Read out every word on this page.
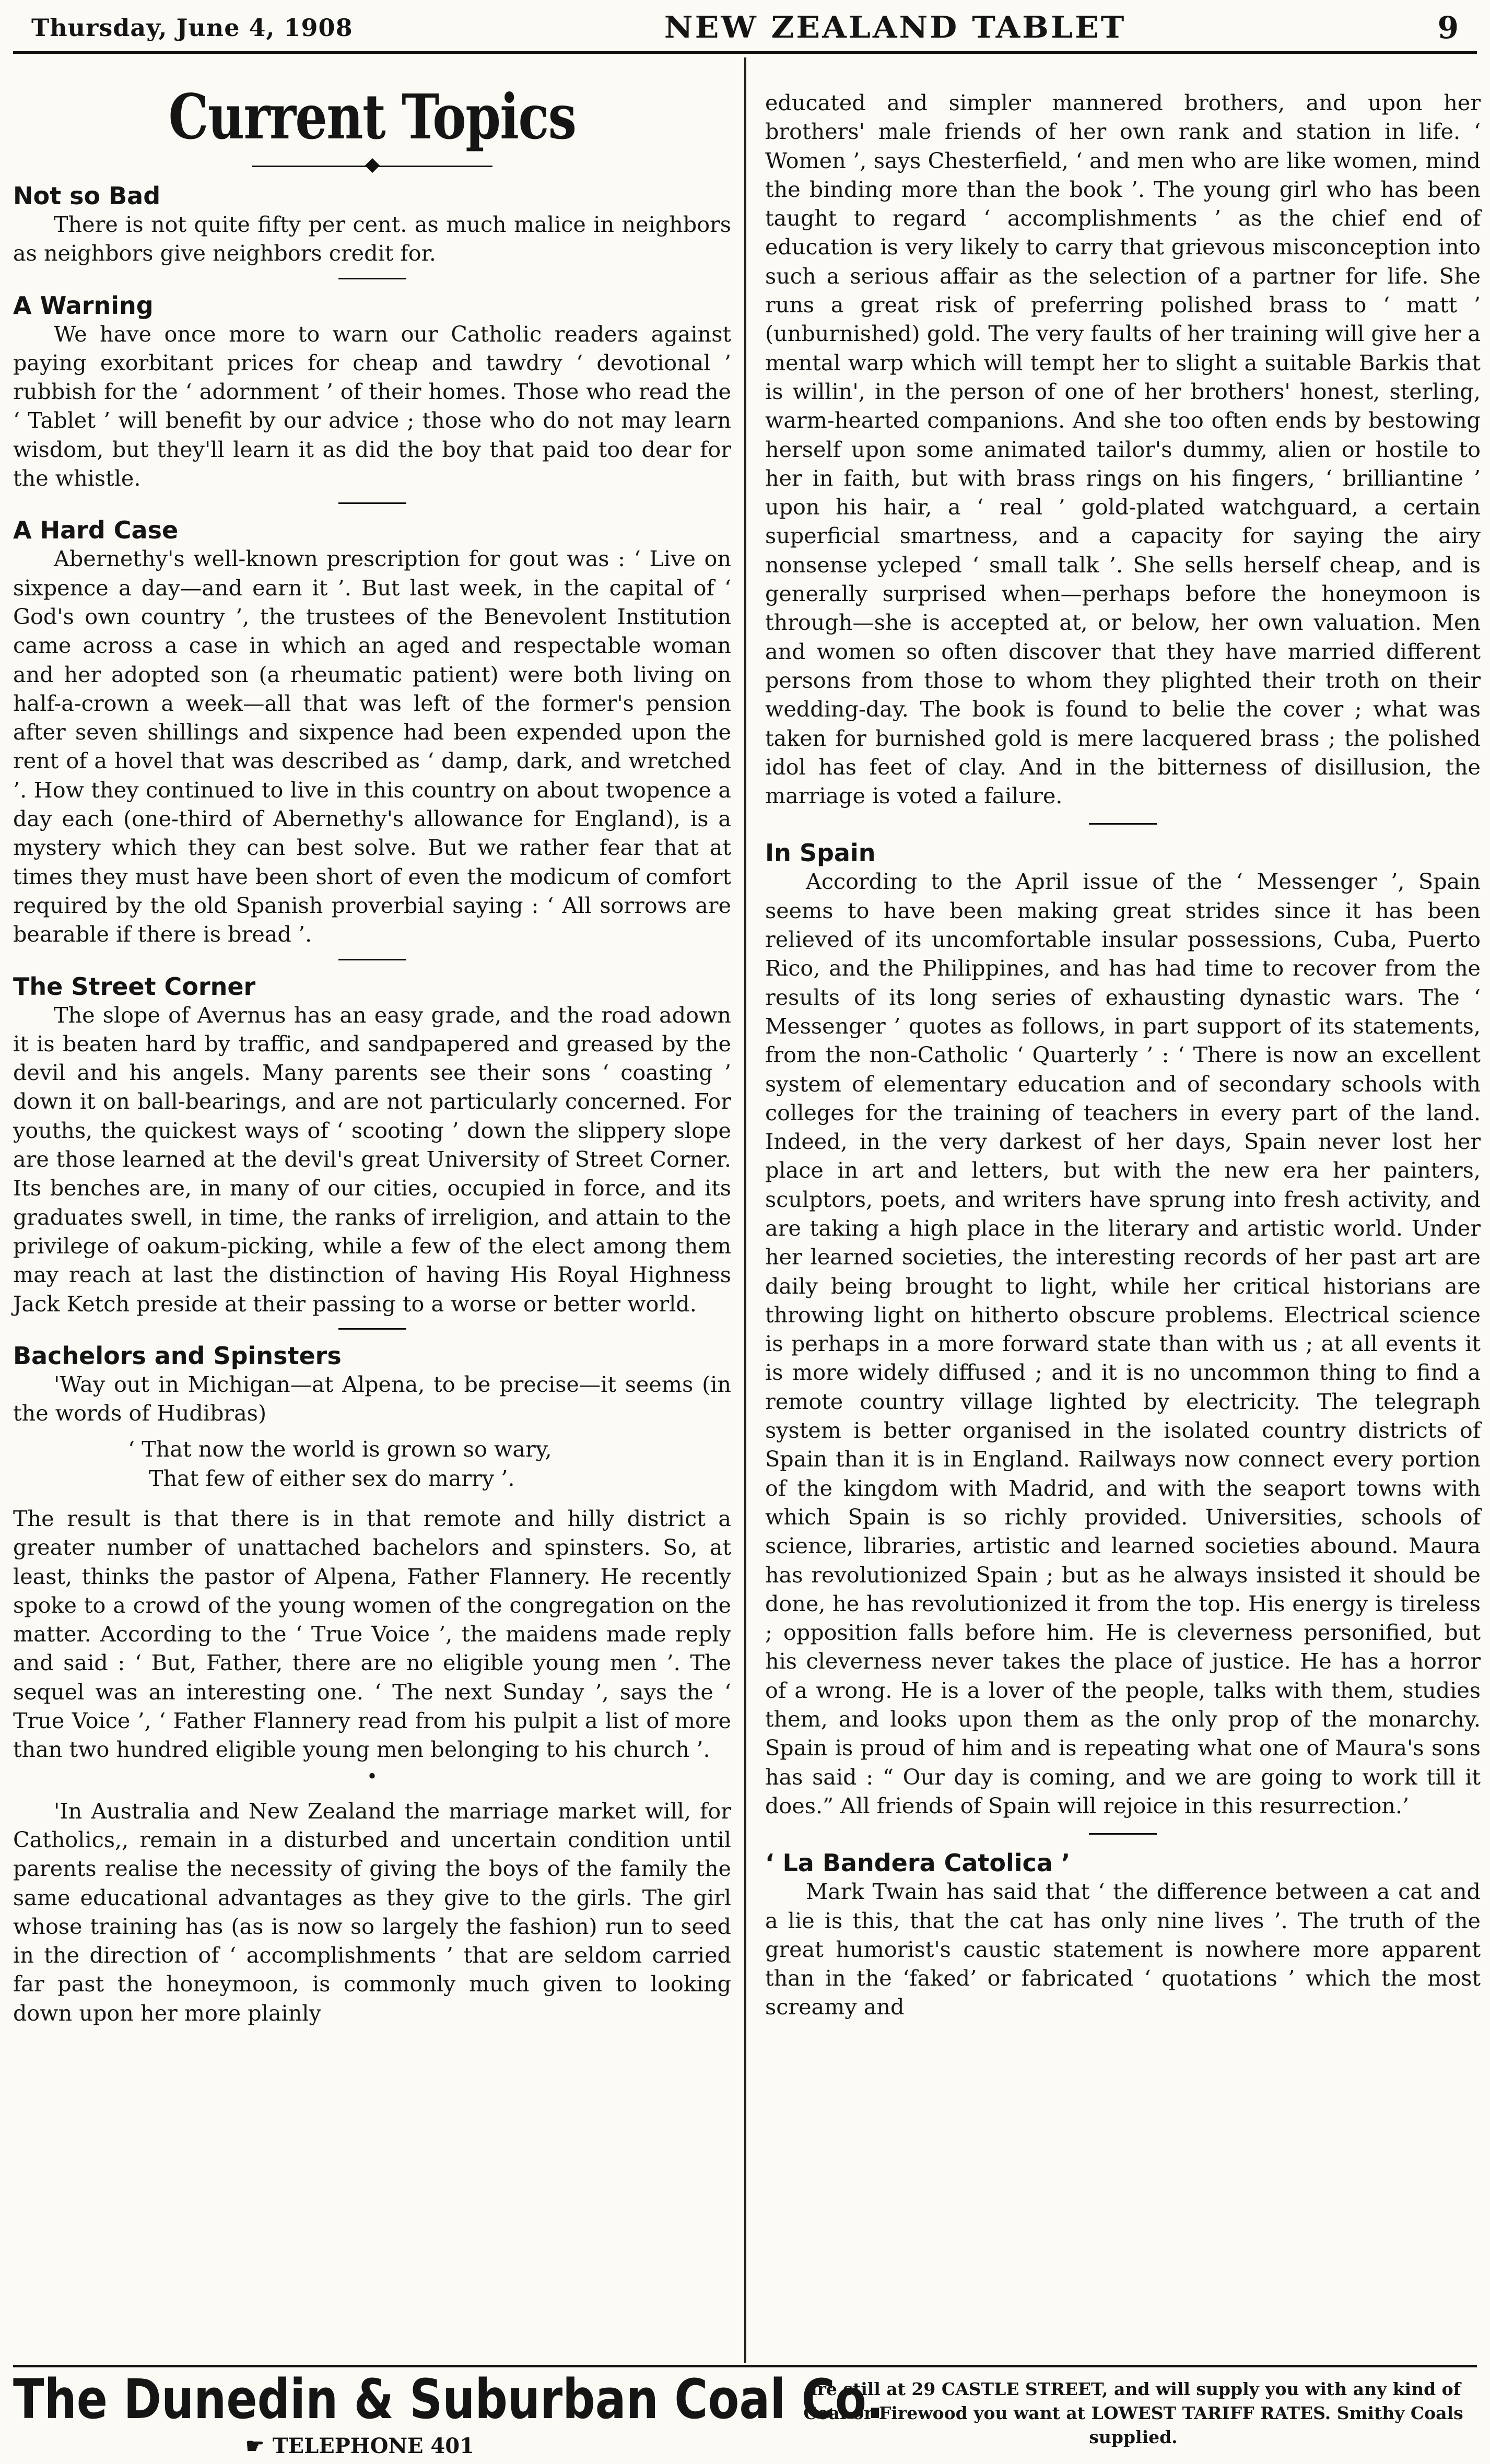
Thursday, June 4, 1908	NEW ZEALAND TABLET	9
Current Topics
Not so Bad

There is not quite fifty per cent. as much malice in neighbors as neighbors give neighbors credit for.

A Warning

We have once more to warn our Catholic readers against paying exorbitant prices for cheap and tawdry ‘ devotional ’ rubbish for the ‘ adornment ’ of their homes. Those who read the ‘ Tablet ’ will benefit by our advice ; those who do not may learn wisdom, but they'll learn it as did the boy that paid too dear for the whistle.

A Hard Case

Abernethy's well-known prescription for gout was : ‘ Live on sixpence a day—and earn it ’. But last week, in the capital of ‘ God's own country ’, the trustees of the Benevolent Institution came across a case in which an aged and respectable woman and her adopted son (a rheumatic patient) were both living on half-a-crown a week—all that was left of the former's pension after seven shillings and sixpence had been expended upon the rent of a hovel that was described as ‘ damp, dark, and wretched ’. How they continued to live in this country on about twopence a day each (one-third of Abernethy's allowance for England), is a mystery which they can best solve. But we rather fear that at times they must have been short of even the modicum of comfort required by the old Spanish proverbial saying : ‘ All sorrows are bearable if there is bread ’.

The Street Corner

The slope of Avernus has an easy grade, and the road adown it is beaten hard by traffic, and sandpapered and greased by the devil and his angels. Many parents see their sons ‘ coasting ’ down it on ball-bearings, and are not particularly concerned. For youths, the quickest ways of ‘ scooting ’ down the slippery slope are those learned at the devil's great University of Street Corner. Its benches are, in many of our cities, occupied in force, and its graduates swell, in time, the ranks of irreligion, and attain to the privilege of oakum-picking, while a few of the elect among them may reach at last the distinction of having His Royal Highness Jack Ketch preside at their passing to a worse or better world.

Bachelors and Spinsters

'Way out in Michigan—at Alpena, to be precise—it seems (in the words of Hudibras)

‘ That now the world is grown so wary,
That few of either sex do marry ’.

The result is that there is in that remote and hilly district a greater number of unattached bachelors and spinsters. So, at least, thinks the pastor of Alpena, Father Flannery. He recently spoke to a crowd of the young women of the congregation on the matter. According to the ‘ True Voice ’, the maidens made reply and said : ‘ But, Father, there are no eligible young men ’. The sequel was an interesting one. ‘ The next Sunday ’, says the ‘ True Voice ’, ‘ Father Flannery read from his pulpit a list of more than two hundred eligible young men belonging to his church ’.

•

'In Australia and New Zealand the marriage market will, for Catholics,, remain in a disturbed and uncertain condition until parents realise the necessity of giving the boys of the family the same educational advantages as they give to the girls. The girl whose training has (as is now so largely the fashion) run to seed in the direction of ‘ accomplishments ’ that are seldom carried far past the honeymoon, is commonly much given to looking down upon her more plainly

educated and simpler mannered brothers, and upon her brothers' male friends of her own rank and station in life. ‘ Women ’, says Chesterfield, ‘ and men who are like women, mind the binding more than the book ’. The young girl who has been taught to regard ‘ accomplishments ’ as the chief end of education is very likely to carry that grievous misconception into such a serious affair as the selection of a partner for life. She runs a great risk of preferring polished brass to ‘ matt ’ (unburnished) gold. The very faults of her training will give her a mental warp which will tempt her to slight a suitable Barkis that is willin', in the person of one of her brothers' honest, sterling, warm-hearted companions. And she too often ends by bestowing herself upon some animated tailor's dummy, alien or hostile to her in faith, but with brass rings on his fingers, ‘ brilliantine ’ upon his hair, a ‘ real ’ gold-plated watchguard, a certain superficial smartness, and a capacity for saying the airy nonsense ycleped ‘ small talk ’. She sells herself cheap, and is generally surprised when—perhaps before the honeymoon is through—she is accepted at, or below, her own valuation. Men and women so often discover that they have married different persons from those to whom they plighted their troth on their wedding-day. The book is found to belie the cover ; what was taken for burnished gold is mere lacquered brass ; the polished idol has feet of clay. And in the bitterness of disillusion, the marriage is voted a failure.

In Spain

According to the April issue of the ‘ Messenger ’, Spain seems to have been making great strides since it has been relieved of its uncomfortable insular possessions, Cuba, Puerto Rico, and the Philippines, and has had time to recover from the results of its long series of exhausting dynastic wars. The ‘ Messenger ’ quotes as follows, in part support of its statements, from the non-Catholic ‘ Quarterly ’ : ‘ There is now an excellent system of elementary education and of secondary schools with colleges for the training of teachers in every part of the land. Indeed, in the very darkest of her days, Spain never lost her place in art and letters, but with the new era her painters, sculptors, poets, and writers have sprung into fresh activity, and are taking a high place in the literary and artistic world. Under her learned societies, the interesting records of her past art are daily being brought to light, while her critical historians are throwing light on hitherto obscure problems. Electrical science is perhaps in a more forward state than with us ; at all events it is more widely diffused ; and it is no uncommon thing to find a remote country village lighted by electricity. The telegraph system is better organised in the isolated country districts of Spain than it is in England. Railways now connect every portion of the kingdom with Madrid, and with the seaport towns with which Spain is so richly provided. Universities, schools of science, libraries, artistic and learned societies abound. Maura has revolutionized Spain ; but as he always insisted it should be done, he has revolutionized it from the top. His energy is tireless ; opposition falls before him. He is cleverness personified, but his cleverness never takes the place of justice. He has a horror of a wrong. He is a lover of the people, talks with them, studies them, and looks upon them as the only prop of the monarchy. Spain is proud of him and is repeating what one of Maura's sons has said : “ Our day is coming, and we are going to work till it does.” All friends of Spain will rejoice in this resurrection.’

‘ La Bandera Catolica ’

Mark Twain has said that ‘ the difference between a cat and a lie is this, that the cat has only nine lives ’. The truth of the great humorist's caustic statement is nowhere more apparent than in the ‘faked’ or fabricated ‘ quotations ’ which the most screamy and

The Dunedin & Suburban Coal Co.
☛ TELEPHONE 401
are still at 29 CASTLE STREET, and will supply you with any kind of Coal or Firewood you want at LOWEST TARIFF RATES. Smithy Coals supplied.
